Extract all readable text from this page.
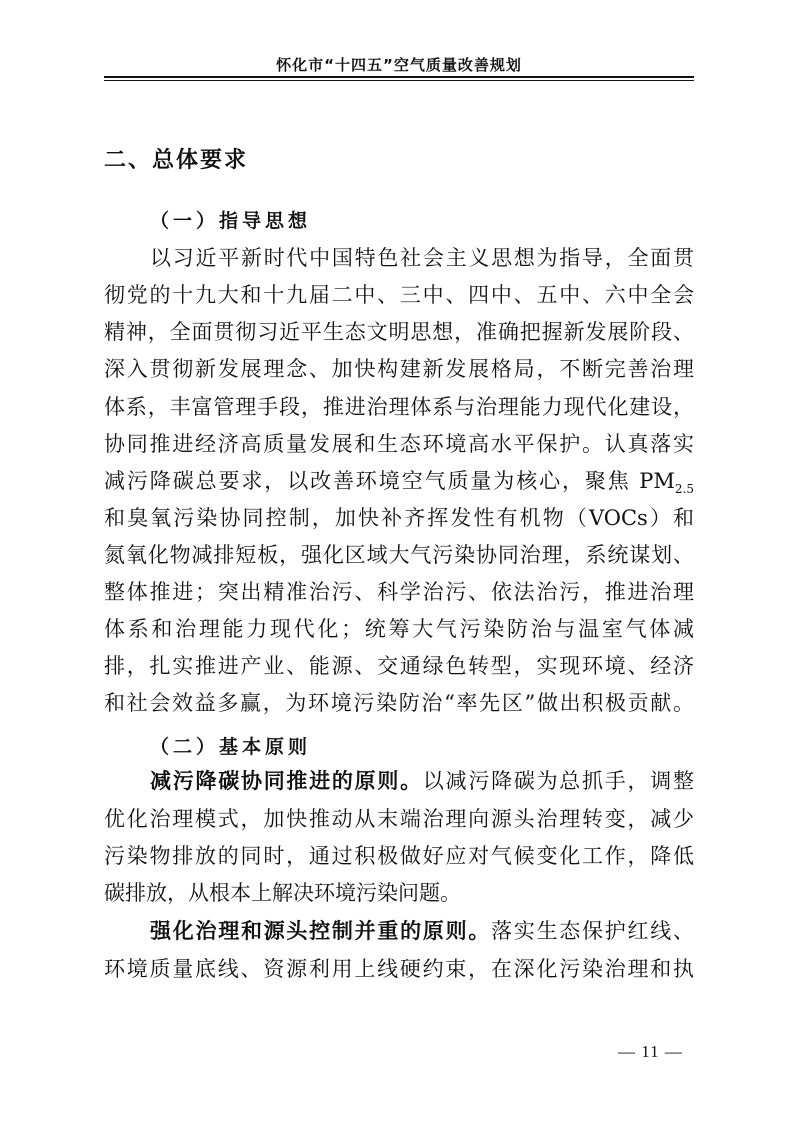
怀化市“十四五”空气质量改善规划
二、总体要求
（一）指导思想
以习近平新时代中国特色社会主义思想为指导，全面贯
彻党的十九大和十九届二中、三中、四中、五中、六中全会
精神，全面贯彻习近平生态文明思想，准确把握新发展阶段、
深入贯彻新发展理念、加快构建新发展格局，不断完善治理
体系，丰富管理手段，推进治理体系与治理能力现代化建设，
协同推进经济高质量发展和生态环境高水平保护。认真落实
减污降碳总要求，以改善环境空气质量为核心，聚焦 $PM_{2.5}$
和臭氧污染协同控制，加快补齐挥发性有机物（VOCs）和
氮氧化物减排短板，强化区域大气污染协同治理，系统谋划、
整体推进；突出精准治污、科学治污、依法治污，推进治理
体系和治理能力现代化；统筹大气污染防治与温室气体减
排，扎实推进产业、能源、交通绿色转型，实现环境、经济
和社会效益多赢，为环境污染防治“率先区”做出积极贡献。
（二）基本原则
减污降碳协同推进的原则。以减污降碳为总抓手，调整
优化治理模式，加快推动从末端治理向源头治理转变，减少
污染物排放的同时，通过积极做好应对气候变化工作，降低
碳排放，从根本上解决环境污染问题。
强化治理和源头控制并重的原则。落实生态保护红线、
环境质量底线、资源利用上线硬约束，在深化污染治理和执
— 11 —
